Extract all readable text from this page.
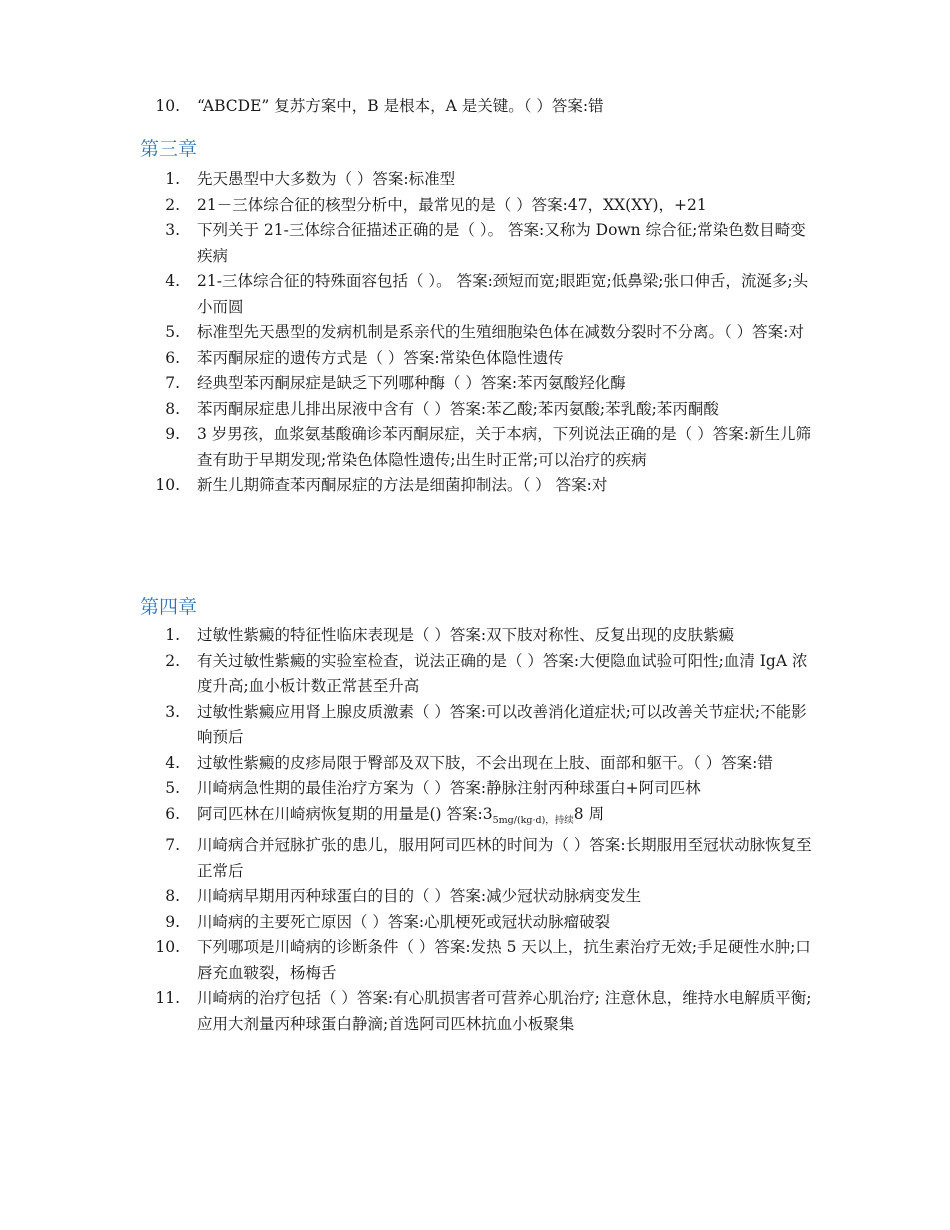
10. “ABCDE” 复苏方案中，B 是根本，A 是关键。（ ）答案:错
第三章
1. 先天愚型中大多数为（ ）答案:标准型
2. 21－三体综合征的核型分析中，最常见的是（ ）答案:47，XX(XY)，+21
3. 下列关于 21-三体综合征描述正确的是（ ）。 答案:又称为 Down 综合征;常染色数目畸变疾病
4. 21-三体综合征的特殊面容包括（ ）。 答案:颈短而宽;眼距宽;低鼻梁;张口伸舌，流涎多;头小而圆
5. 标准型先天愚型的发病机制是系亲代的生殖细胞染色体在减数分裂时不分离。（ ）答案:对
6. 苯丙酮尿症的遗传方式是（ ）答案:常染色体隐性遗传
7. 经典型苯丙酮尿症是缺乏下列哪种酶（ ）答案:苯丙氨酸羟化酶
8. 苯丙酮尿症患儿排出尿液中含有（ ）答案:苯乙酸;苯丙氨酸;苯乳酸;苯丙酮酸
9. 3 岁男孩，血浆氨基酸确诊苯丙酮尿症，关于本病，下列说法正确的是（ ）答案:新生儿筛查有助于早期发现;常染色体隐性遗传;出生时正常;可以治疗的疾病
10. 新生儿期筛查苯丙酮尿症的方法是细菌抑制法。（ ） 答案:对
第四章
1. 过敏性紫癜的特征性临床表现是（ ）答案:双下肢对称性、反复出现的皮肤紫癜
2. 有关过敏性紫癜的实验室检查，说法正确的是（ ）答案:大便隐血试验可阳性;血清 IgA 浓度升高;血小板计数正常甚至升高
3. 过敏性紫癜应用肾上腺皮质激素（ ）答案:可以改善消化道症状;可以改善关节症状;不能影响预后
4. 过敏性紫癜的皮疹局限于臀部及双下肢，不会出现在上肢、面部和躯干。（ ）答案:错
5. 川崎病急性期的最佳治疗方案为（ ）答案:静脉注射丙种球蛋白+阿司匹林
6. 阿司匹林在川崎病恢复期的用量是() 答案$:3_{5mg/(kg\cdot d),持续}8$ 周
7. 川崎病合并冠脉扩张的患儿，服用阿司匹林的时间为（ ）答案:长期服用至冠状动脉恢复至正常后
8. 川崎病早期用丙种球蛋白的目的（ ）答案:减少冠状动脉病变发生
9. 川崎病的主要死亡原因（ ）答案:心肌梗死或冠状动脉瘤破裂
10. 下列哪项是川崎病的诊断条件（ ）答案:发热 5 天以上，抗生素治疗无效;手足硬性水肿;口唇充血皲裂，杨梅舌
11. 川崎病的治疗包括（ ）答案:有心肌损害者可营养心肌治疗; 注意休息，维持水电解质平衡;应用大剂量丙种球蛋白静滴;首选阿司匹林抗血小板聚集
